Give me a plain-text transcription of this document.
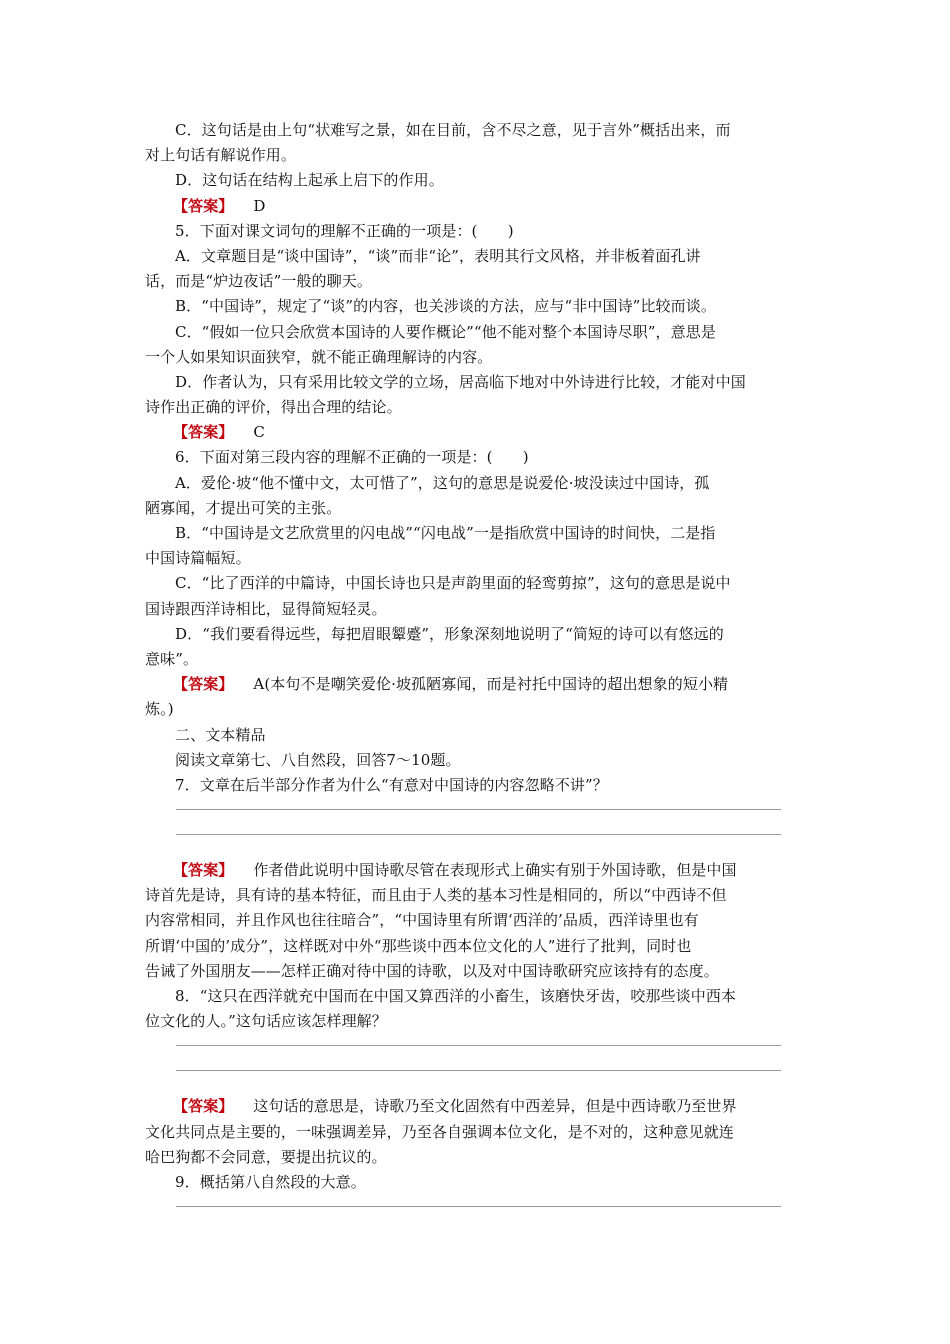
C．这句话是由上句“状难写之景，如在目前，含不尽之意，见于言外”概括出来，而
对上句话有解说作用。
D．这句话在结构上起承上启下的作用。
【答案】 D
5．下面对课文词句的理解不正确的一项是：(　　)
A．文章题目是“谈中国诗”，“谈”而非“论”，表明其行文风格，并非板着面孔讲
话，而是“炉边夜话”一般的聊天。
B．“中国诗”，规定了“谈”的内容，也关涉谈的方法，应与“非中国诗”比较而谈。
C．“假如一位只会欣赏本国诗的人要作概论”“他不能对整个本国诗尽职”，意思是
一个人如果知识面狭窄，就不能正确理解诗的内容。
D．作者认为，只有采用比较文学的立场，居高临下地对中外诗进行比较，才能对中国
诗作出正确的评价，得出合理的结论。
【答案】 C
6．下面对第三段内容的理解不正确的一项是：(　　)
A．爱伦·坡“他不懂中文，太可惜了”，这句的意思是说爱伦·坡没读过中国诗，孤
陋寡闻，才提出可笑的主张。
B．“中国诗是文艺欣赏里的闪电战”“闪电战”一是指欣赏中国诗的时间快，二是指
中国诗篇幅短。
C．“比了西洋的中篇诗，中国长诗也只是声韵里面的轻鸾剪掠”，这句的意思是说中
国诗跟西洋诗相比，显得简短轻灵。
D．“我们要看得远些，每把眉眼颦蹙”，形象深刻地说明了“简短的诗可以有悠远的
意味”。
【答案】 A(本句不是嘲笑爱伦·坡孤陋寡闻，而是衬托中国诗的超出想象的短小精
炼。)
二、文本精品
阅读文章第七、八自然段，回答7～10题。
7．文章在后半部分作者为什么“有意对中国诗的内容忽略不讲”？
【答案】 作者借此说明中国诗歌尽管在表现形式上确实有别于外国诗歌，但是中国
诗首先是诗，具有诗的基本特征，而且由于人类的基本习性是相同的，所以“中西诗不但
内容常相同，并且作风也往往暗合”，“中国诗里有所谓‘西洋的’品质，西洋诗里也有
所谓‘中国的’成分”，这样既对中外“那些谈中西本位文化的人”进行了批判，同时也
告诫了外国朋友——怎样正确对待中国的诗歌，以及对中国诗歌研究应该持有的态度。
8．“这只在西洋就充中国而在中国又算西洋的小畜生，该磨快牙齿，咬那些谈中西本
位文化的人。”这句话应该怎样理解？
【答案】 这句话的意思是，诗歌乃至文化固然有中西差异，但是中西诗歌乃至世界
文化共同点是主要的，一味强调差异，乃至各自强调本位文化，是不对的，这种意见就连
哈巴狗都不会同意，要提出抗议的。
9．概括第八自然段的大意。
